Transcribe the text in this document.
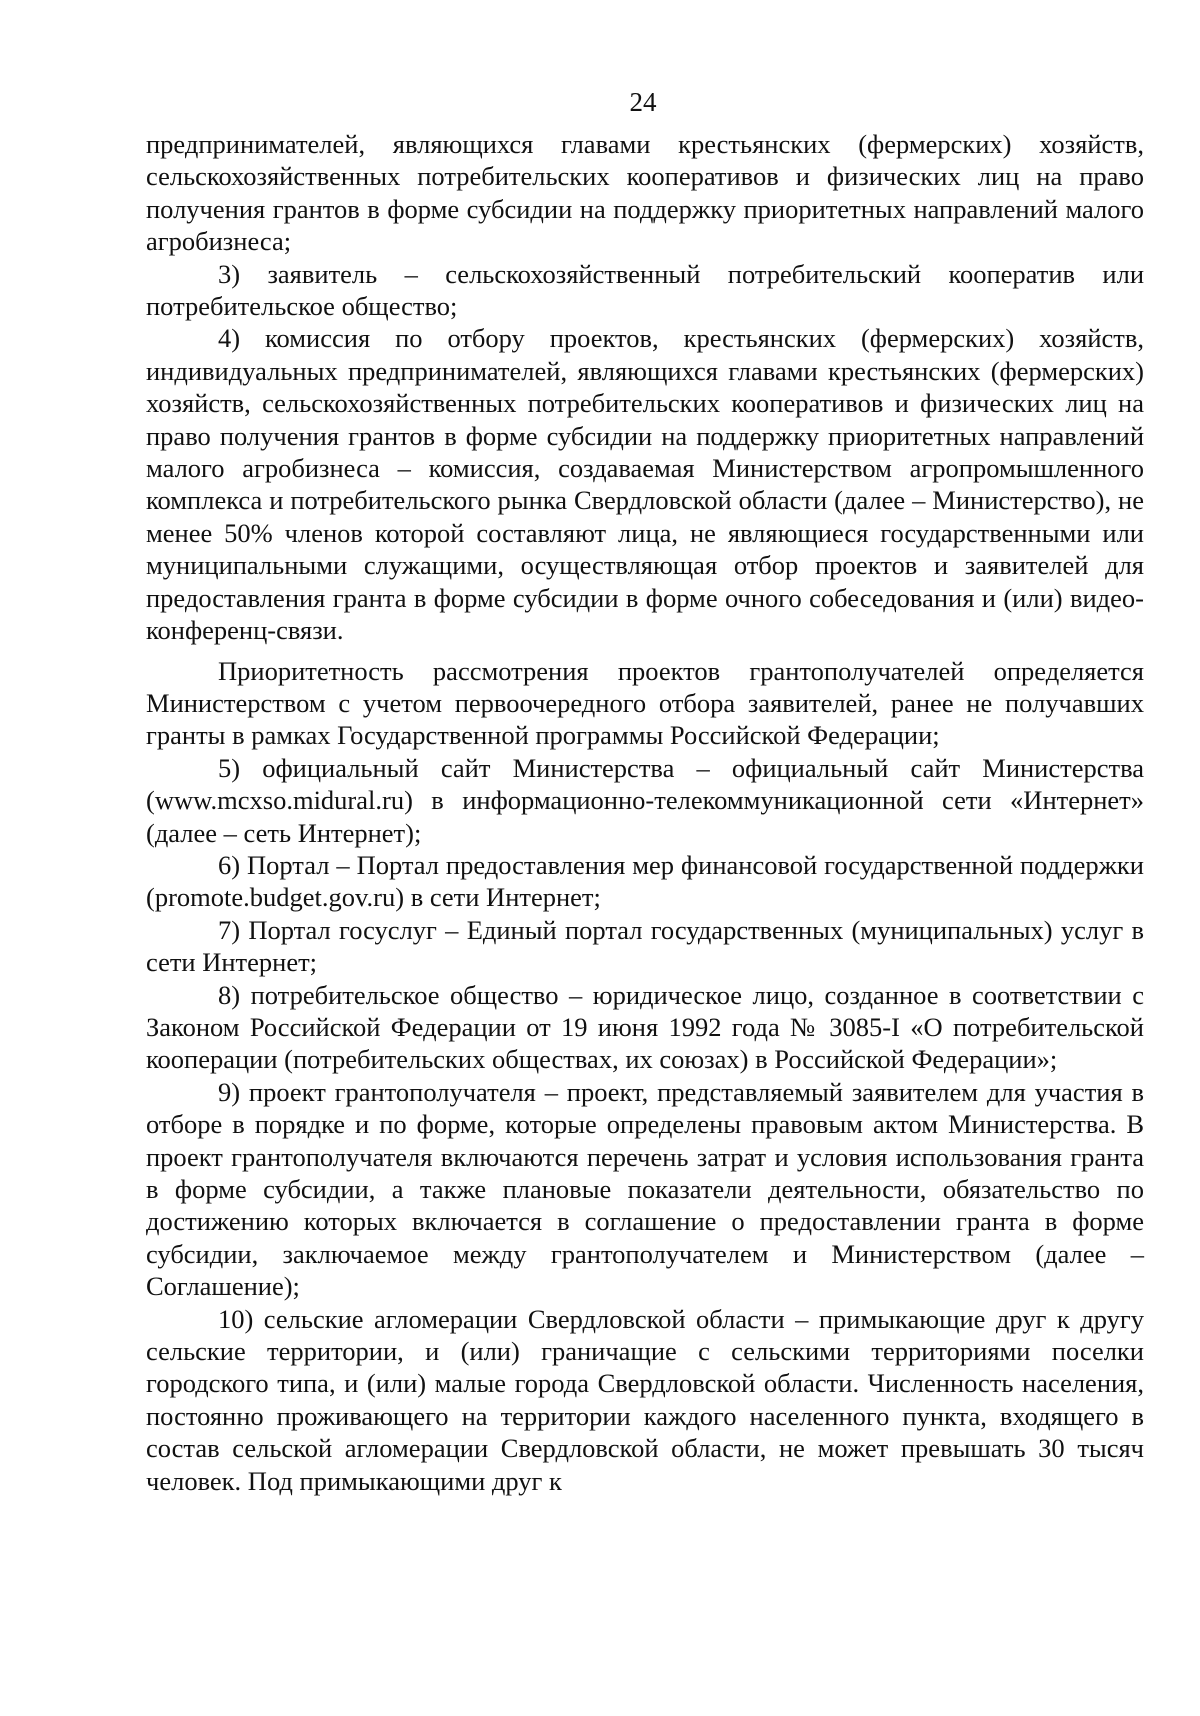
24

предпринимателей, являющихся главами крестьянских (фермерских) хозяйств, сельскохозяйственных потребительских кооперативов и физических лиц на право получения грантов в форме субсидии на поддержку приоритетных направлений малого агробизнеса;

3) заявитель – сельскохозяйственный потребительский кооператив или потребительское общество;

4) комиссия по отбору проектов, крестьянских (фермерских) хозяйств, индивидуальных предпринимателей, являющихся главами крестьянских (фермерских) хозяйств, сельскохозяйственных потребительских кооперативов и физических лиц на право получения грантов в форме субсидии на поддержку приоритетных направлений малого агробизнеса – комиссия, создаваемая Министерством агропромышленного комплекса и потребительского рынка Свердловской области (далее – Министерство), не менее 50% членов которой составляют лица, не являющиеся государственными или муниципальными служащими, осуществляющая отбор проектов и заявителей для предоставления гранта в форме субсидии в форме очного собеседования и (или) видео-конференц-связи.

Приоритетность рассмотрения проектов грантополучателей определяется Министерством с учетом первоочередного отбора заявителей, ранее не получавших гранты в рамках Государственной программы Российской Федерации;

5) официальный сайт Министерства – официальный сайт Министерства (www.mcxso.midural.ru) в информационно-телекоммуникационной сети «Интернет» (далее – сеть Интернет);

6) Портал – Портал предоставления мер финансовой государственной поддержки (promote.budget.gov.ru) в сети Интернет;

7) Портал госуслуг – Единый портал государственных (муниципальных) услуг в сети Интернет;

8) потребительское общество – юридическое лицо, созданное в соответствии с Законом Российской Федерации от 19 июня 1992 года № 3085-I «О потребительской кооперации (потребительских обществах, их союзах) в Российской Федерации»;

9) проект грантополучателя – проект, представляемый заявителем для участия в отборе в порядке и по форме, которые определены правовым актом Министерства. В проект грантополучателя включаются перечень затрат и условия использования гранта в форме субсидии, а также плановые показатели деятельности, обязательство по достижению которых включается в соглашение о предоставлении гранта в форме субсидии, заключаемое между грантополучателем и Министерством (далее – Соглашение);

10) сельские агломерации Свердловской области – примыкающие друг к другу сельские территории, и (или) граничащие с сельскими территориями поселки городского типа, и (или) малые города Свердловской области. Численность населения, постоянно проживающего на территории каждого населенного пункта, входящего в состав сельской агломерации Свердловской области, не может превышать 30 тысяч человек. Под примыкающими друг к
